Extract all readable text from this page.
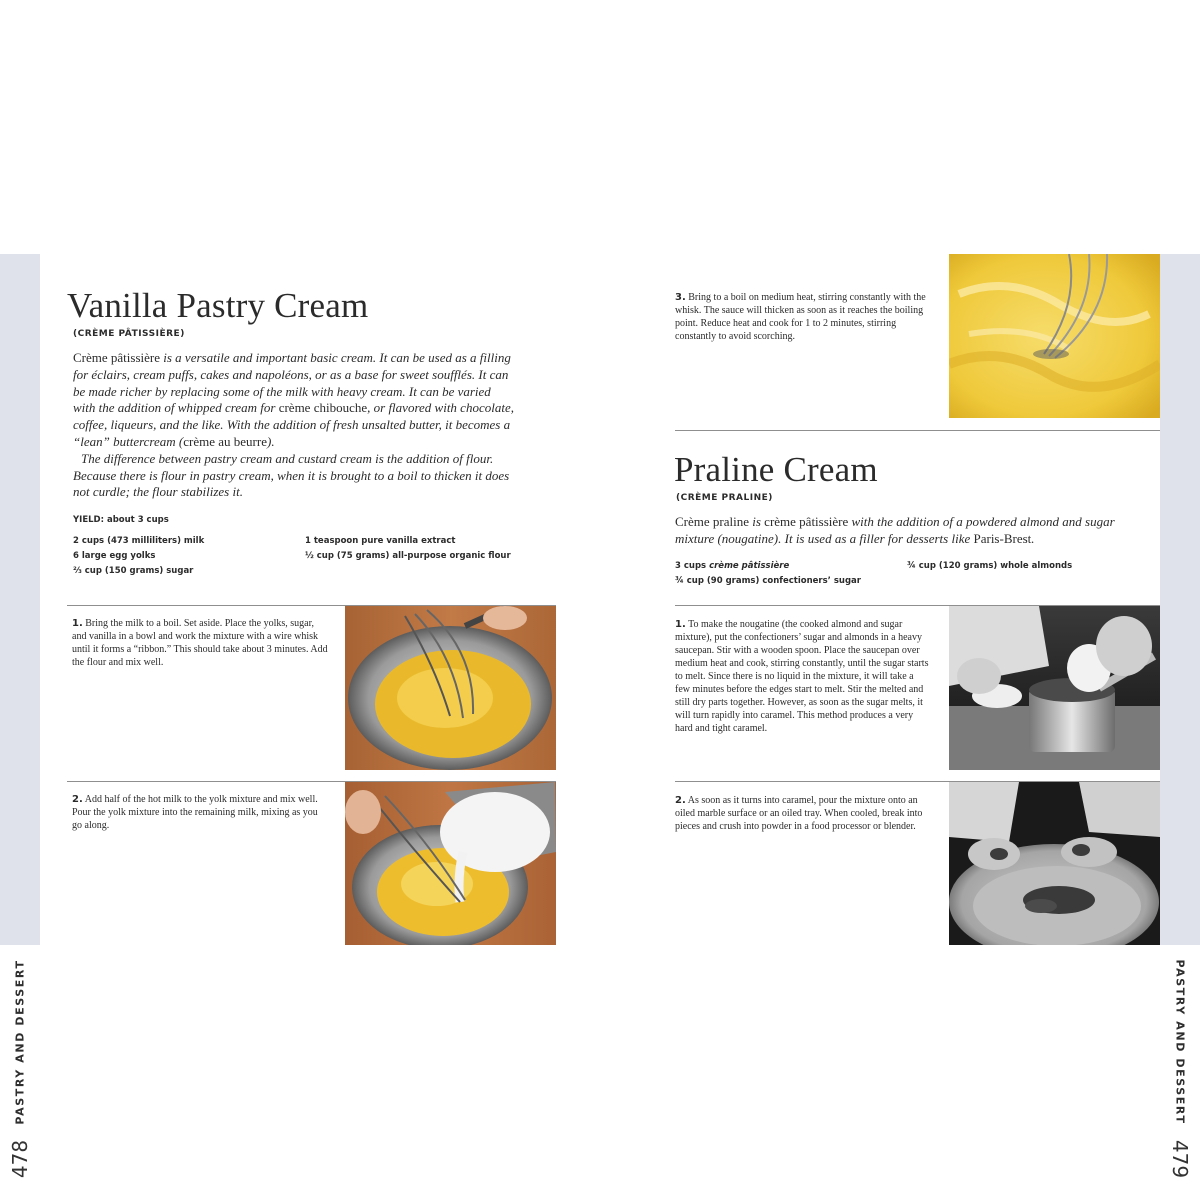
PASTRY AND DESSERT
478
PASTRY AND DESSERT
479
Vanilla Pastry Cream
(CRÈME PÂTISSIÈRE)

Crème pâtissière is a versatile and important basic cream. It can be used as a filling for éclairs, cream puffs, cakes and napoléons, or as a base for sweet soufflés. It can be made richer by replacing some of the milk with heavy cream. It can be varied with the addition of whipped cream for crème chibouche, or flavored with chocolate, coffee, liqueurs, and the like. With the addition of fresh unsalted butter, it becomes a “lean” buttercream (crème au beurre).

The difference between pastry cream and custard cream is the addition of flour. Because there is flour in pastry cream, when it is brought to a boil to thicken it does not curdle; the flour stabilizes it.

YIELD: about 3 cups
2 cups (473 milliliters) milk
6 large egg yolks
⅔ cup (150 grams) sugar
1 teaspoon pure vanilla extract
½ cup (75 grams) all-purpose organic flour

1. Bring the milk to a boil. Set aside. Place the yolks, sugar, and vanilla in a bowl and work the mixture with a wire whisk until it forms a “ribbon.” This should take about 3 minutes. Add the flour and mix well.

2. Add half of the hot milk to the yolk mixture and mix well. Pour the yolk mixture into the remaining milk, mixing as you go along.

3. Bring to a boil on medium heat, stirring constantly with the whisk. The sauce will thicken as soon as it reaches the boiling point. Reduce heat and cook for 1 to 2 minutes, stirring constantly to avoid scorching.

Praline Cream
(CRÈME PRALINE)
Crème praline is crème pâtissière with the addition of a powdered almond and sugar mixture (nougatine). It is used as a filler for desserts like Paris-Brest.
3 cups crème pâtissière
¾ cup (90 grams) confectioners’ sugar
¾ cup (120 grams) whole almonds

1. To make the nougatine (the cooked almond and sugar mixture), put the confectioners’ sugar and almonds in a heavy saucepan. Stir with a wooden spoon. Place the saucepan over medium heat and cook, stirring constantly, until the sugar starts to melt. Since there is no liquid in the mixture, it will take a few minutes before the edges start to melt. Stir the melted and still dry parts together. However, as soon as the sugar melts, it will turn rapidly into caramel. This method produces a very hard and tight caramel.

2. As soon as it turns into caramel, pour the mixture onto an oiled marble surface or an oiled tray. When cooled, break into pieces and crush into powder in a food processor or blender.
